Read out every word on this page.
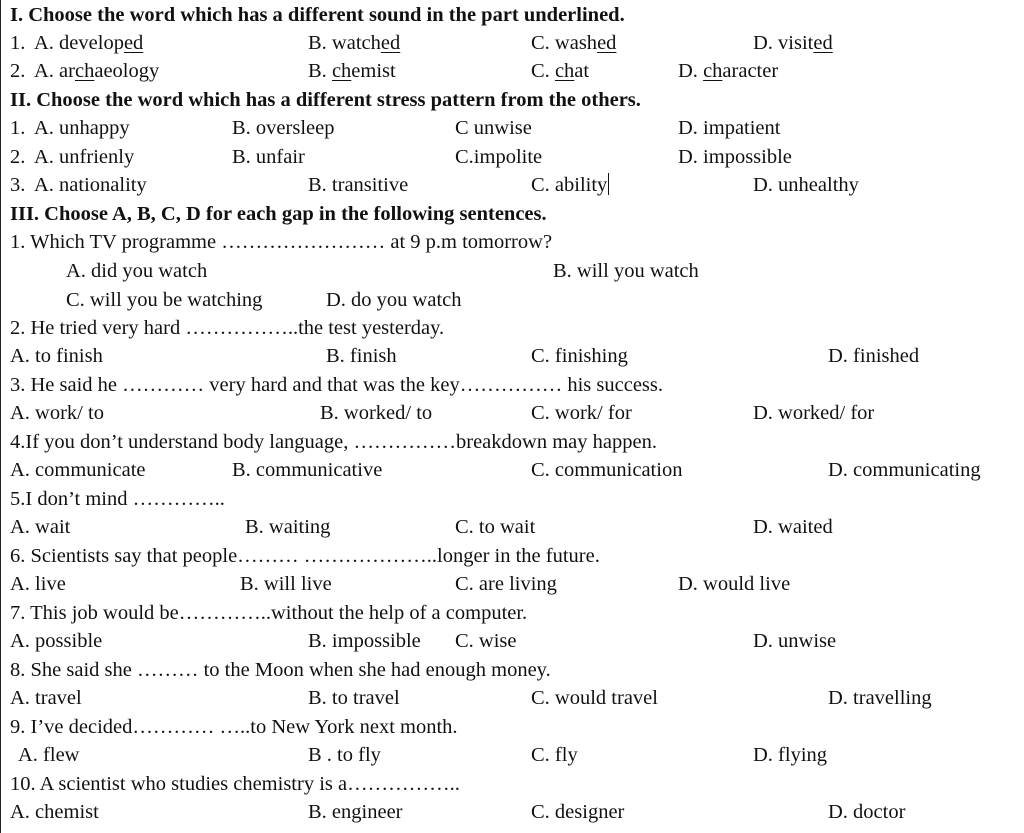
I. Choose the word which has a different sound in the part underlined.
1. A. developed	B. watched	C. washed	D. visited
2. A. archaeology	B. chemist	C. chat	D. character
II. Choose the word which has a different stress pattern from the others.
1. A. unhappy	B. oversleep	C unwise	D. impatient
2. A. unfrienly	B. unfair	C.impolite	D. impossible
3. A. nationality	B. transitive	C. ability	D. unhealthy
III. Choose A, B, C, D for each gap in the following sentences.
1. Which TV programme …………………… at 9 p.m tomorrow?
A. did you watch	B. will you watch
C. will you be watching	D. do you watch
2. He tried very hard ……………..the test yesterday.
A. to finish	B. finish	C. finishing	D. finished
3. He said he ………… very hard and that was the key…………… his success.
A. work/ to	B. worked/ to	C. work/ for	D. worked/ for
4.If you don’t understand body language, ……………breakdown may happen.
A. communicate	B. communicative	C. communication	D. communicating
5.I don’t mind …………..
A. wait	B. waiting	C. to wait	D. waited
6. Scientists say that people……… ………………..longer in the future.
A. live	B. will live	C. are living	D. would live
7. This job would be…………..without the help of a computer.
A. possible	B. impossible C. wise	D. unwise
8. She said she ……… to the Moon when she had enough money.
A. travel	B. to travel	C. would travel	D. travelling
9. I’ve decided………… …..to New York next month.
A. flew	B . to fly	C. fly	D. flying
10. A scientist who studies chemistry is a……………..
A. chemist	B. engineer	C. designer	D. doctor
